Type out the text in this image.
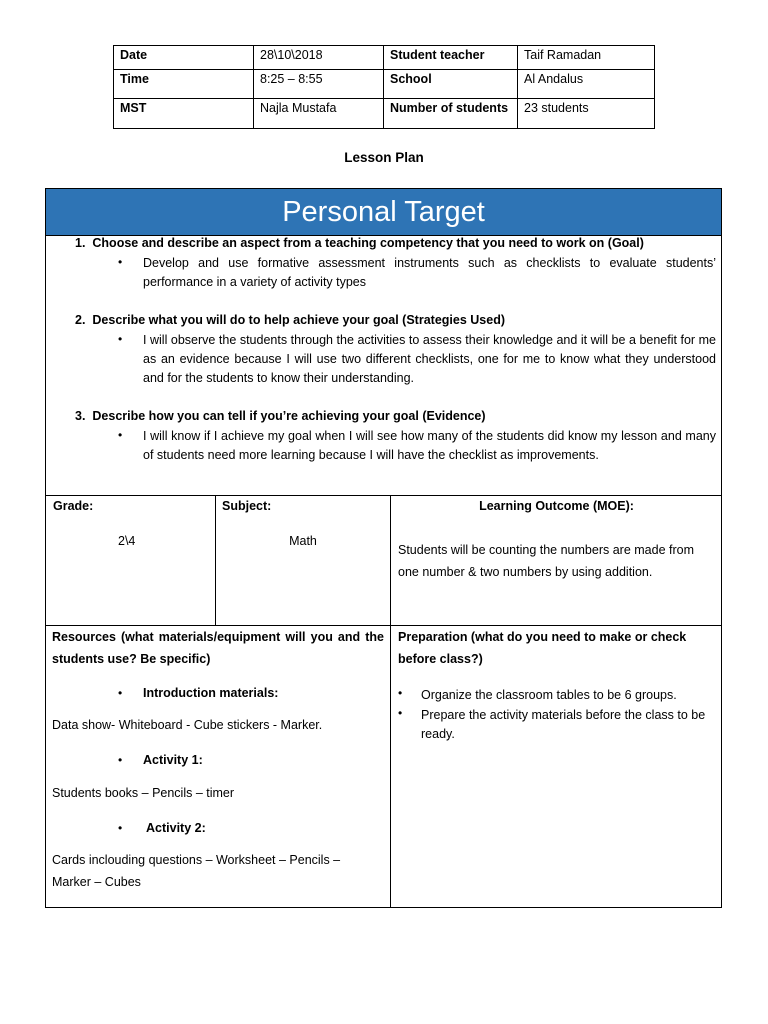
Date	28\10\2018	Student teacher	Taif Ramadan
Time	8:25 – 8:55	School	Al Andalus
MST	Najla Mustafa	Number of students	23 students
Lesson Plan
Personal Target
1. Choose and describe an aspect from a teaching competency that you need to work on (Goal)
• Develop and use formative assessment instruments such as checklists to evaluate students’ performance in a variety of activity types
2. Describe what you will do to help achieve your goal (Strategies Used)
• I will observe the students through the activities to assess their knowledge and it will be a benefit for me as an evidence because I will use two different checklists, one for me to know what they understood and for the students to know their understanding.
3. Describe how you can tell if you’re achieving your goal (Evidence)
• I will know if I achieve my goal when I will see how many of the students did know my lesson and many of students need more learning because I will have the checklist as improvements.
Grade:
2\4
Subject:
Math
Learning Outcome (MOE):
Students will be counting the numbers are made from one number & two numbers by using addition.
Resources (what materials/equipment will you and the students use? Be specific)
• Introduction materials:
Data show- Whiteboard - Cube stickers - Marker.
• Activity 1:
Students books – Pencils – timer
• Activity 2:
Cards inclouding questions – Worksheet – Pencils – Marker – Cubes
Preparation (what do you need to make or check before class?)
• Organize the classroom tables to be 6 groups.
• Prepare the activity materials before the class to be ready.
